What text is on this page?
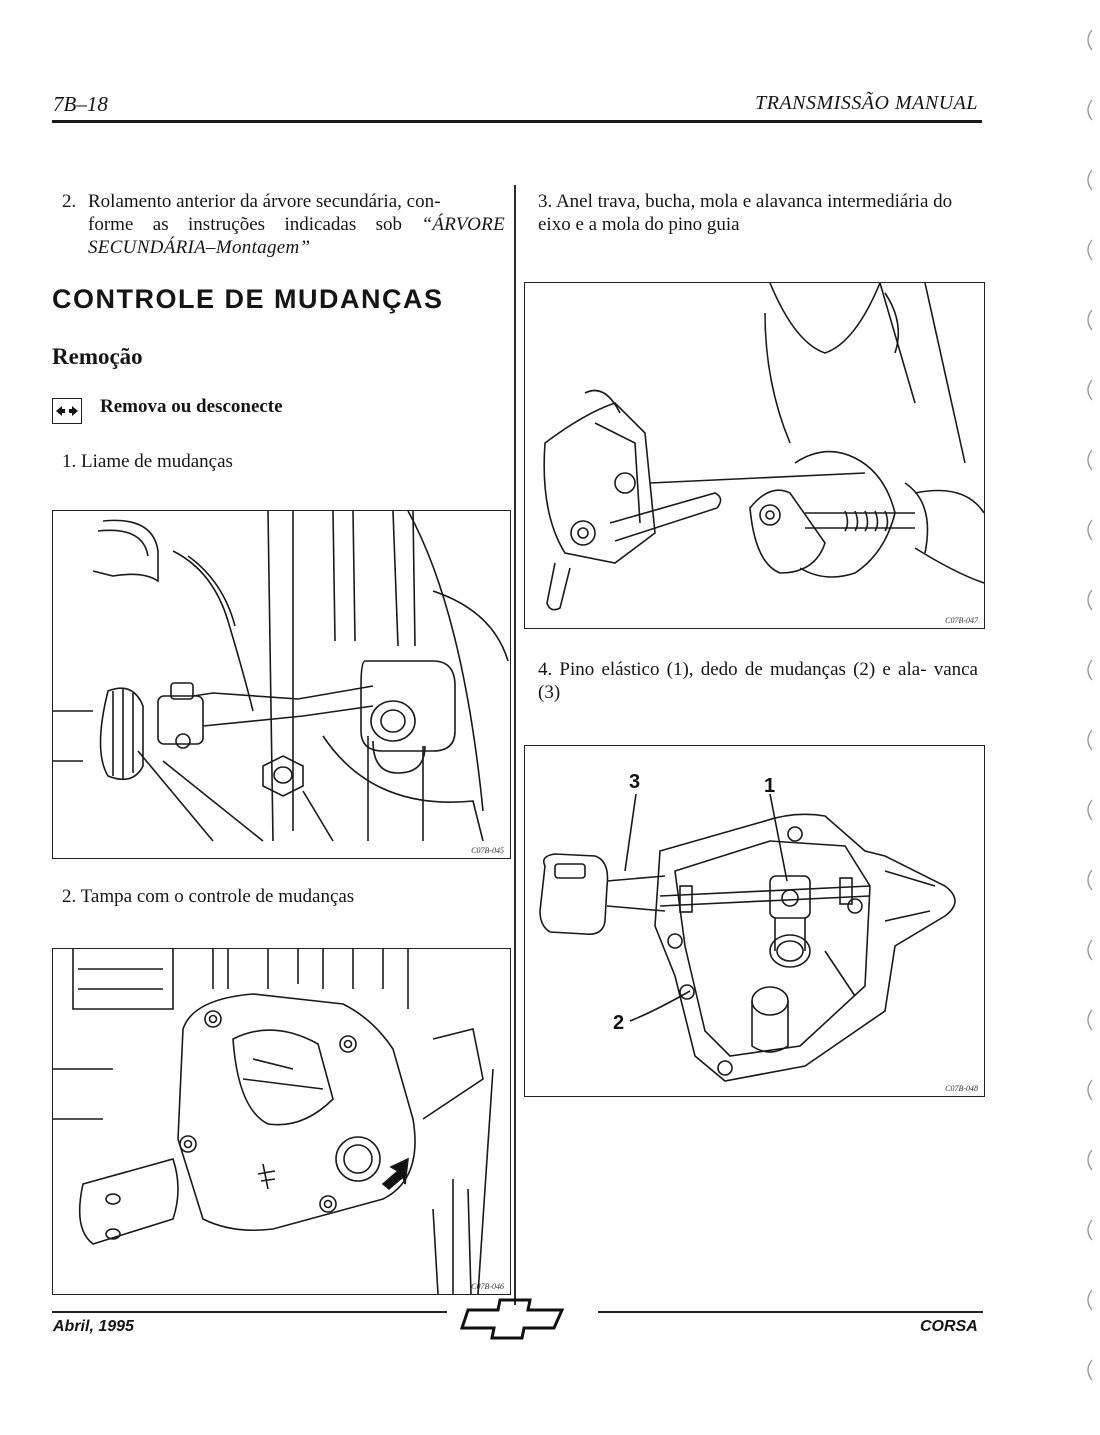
7B–18	TRANSMISSÃO MANUAL
2. Rolamento anterior da árvore secundária, con-
forme as instruções indicadas sob “ÁRVORE SECUNDÁRIA–Montagem”
CONTROLE DE MUDANÇAS
Remoção
Remova ou desconecte
1. Liame de mudanças
C07B-045
2. Tampa com o controle de mudanças
C07B-046
3. Anel trava, bucha, mola e alavanca intermediária do eixo e a mola do pino guia
C07B-047
4. Pino elástico (1), dedo de mudanças (2) e ala- vanca (3)
3	1
2
C07B-048
Abril, 1995	CORSA
